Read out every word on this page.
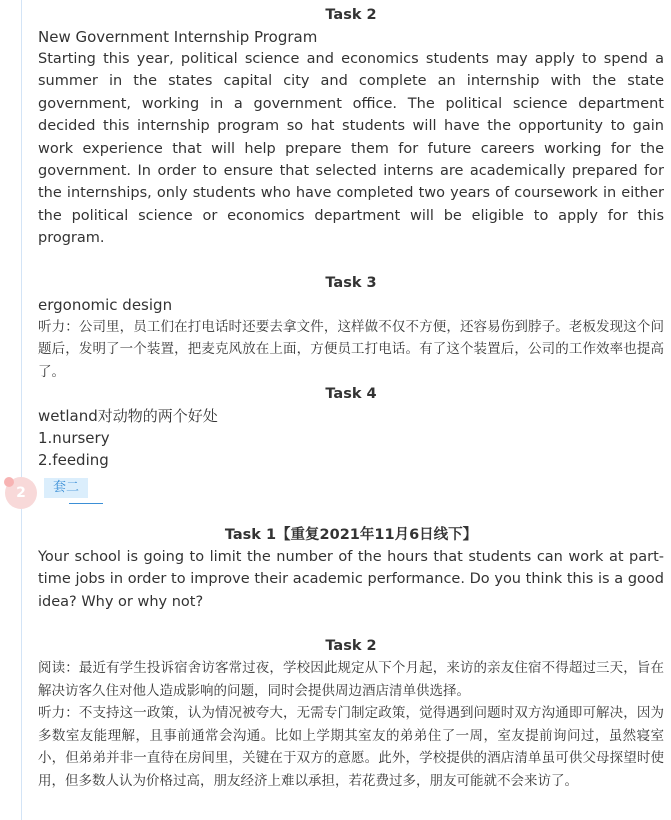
Task 2
New Government Internship Program
Starting this year, political science and economics students may apply to spend a summer in the states capital city and complete an internship with the state government, working in a government office. The political science department decided this internship program so hat students will have the opportunity to gain work experience that will help prepare them for future careers working for the government. In order to ensure that selected interns are academically prepared for the internships, only students who have completed two years of coursework in either the political science or economics department will be eligible to apply for this program.
Task 3
ergonomic design
听力：公司里，员工们在打电话时还要去拿文件，这样做不仅不方便，还容易伤到脖子。老板发现这个问题后，发明了一个装置，把麦克风放在上面，方便员工打电话。有了这个装置后，公司的工作效率也提高了。
Task 4
wetland对动物的两个好处
1.nursery
2.feeding
2	套二
Task 1【重复2021年11月6日线下】
Your school is going to limit the number of the hours that students can work at part-time jobs in order to improve their academic performance. Do you think this is a good idea? Why or why not?
Task 2
阅读：最近有学生投诉宿舍访客常过夜，学校因此规定从下个月起，来访的亲友住宿不得超过三天，旨在解决访客久住对他人造成影响的问题，同时会提供周边酒店清单供选择。
听力：不支持这一政策，认为情况被夸大，无需专门制定政策，觉得遇到问题时双方沟通即可解决，因为多数室友能理解，且事前通常会沟通。比如上学期其室友的弟弟住了一周，室友提前询问过，虽然寝室小，但弟弟并非一直待在房间里，关键在于双方的意愿。此外，学校提供的酒店清单虽可供父母探望时使用，但多数人认为价格过高，朋友经济上难以承担，若花费过多，朋友可能就不会来访了。
